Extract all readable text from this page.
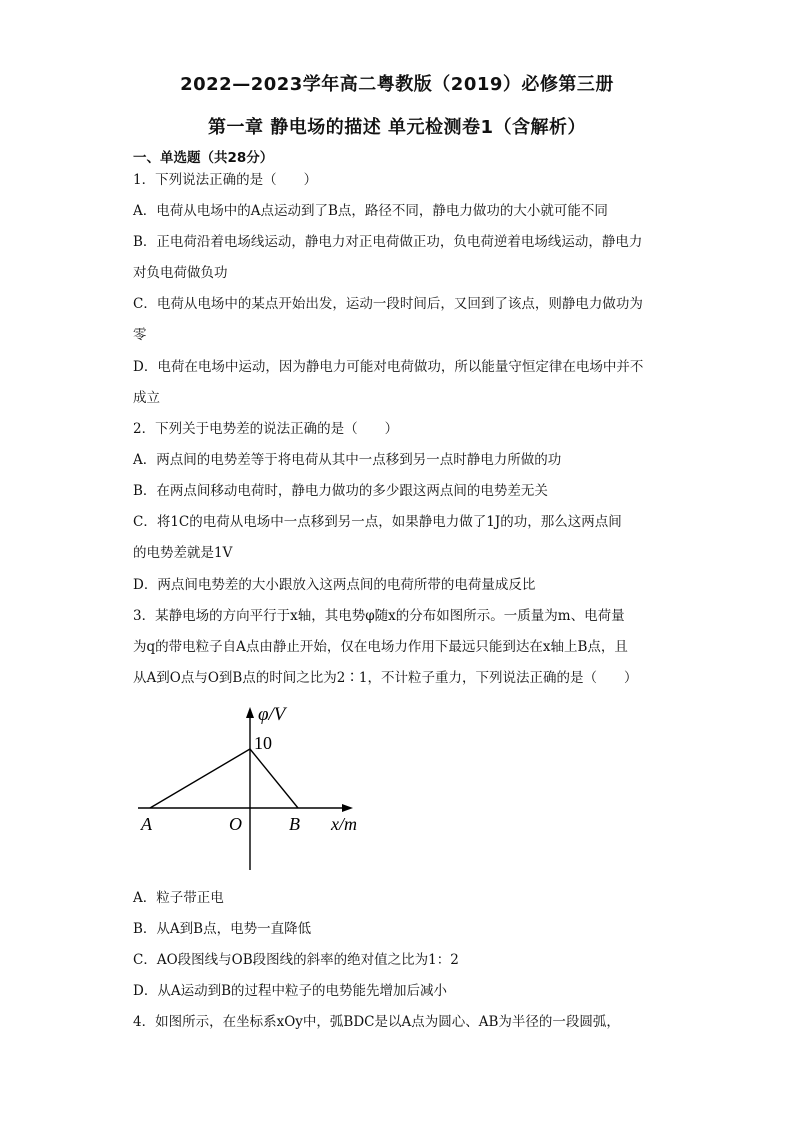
2022—2023学年高二粤教版（2019）必修第三册
第一章 静电场的描述 单元检测卷1（含解析）
一、单选题（共28分）
1．下列说法正确的是（　　）
A．电荷从电场中的A点运动到了B点，路径不同，静电力做功的大小就可能不同
B．正电荷沿着电场线运动，静电力对正电荷做正功，负电荷逆着电场线运动，静电力
对负电荷做负功
C．电荷从电场中的某点开始出发，运动一段时间后，又回到了该点，则静电力做功为
零
D．电荷在电场中运动，因为静电力可能对电荷做功，所以能量守恒定律在电场中并不
成立
2．下列关于电势差的说法正确的是（　　）
A．两点间的电势差等于将电荷从其中一点移到另一点时静电力所做的功
B．在两点间移动电荷时，静电力做功的多少跟这两点间的电势差无关
C．将1C的电荷从电场中一点移到另一点，如果静电力做了1J的功，那么这两点间
的电势差就是1V
D．两点间电势差的大小跟放入这两点间的电荷所带的电荷量成反比
3．某静电场的方向平行于x轴，其电势φ随x的分布如图所示。一质量为m、电荷量
为q的带电粒子自A点由静止开始，仅在电场力作用下最远只能到达在x轴上B点，且
从A到O点与O到B点的时间之比为2∶1，不计粒子重力，下列说法正确的是（　　）
φ/V
10
A	O	B x/m
A．粒子带正电
B．从A到B点，电势一直降低
C．AO段图线与OB段图线的斜率的绝对值之比为1：2
D．从A运动到B的过程中粒子的电势能先增加后减小
4．如图所示，在坐标系xOy中，弧BDC是以A点为圆心、AB为半径的一段圆弧，
